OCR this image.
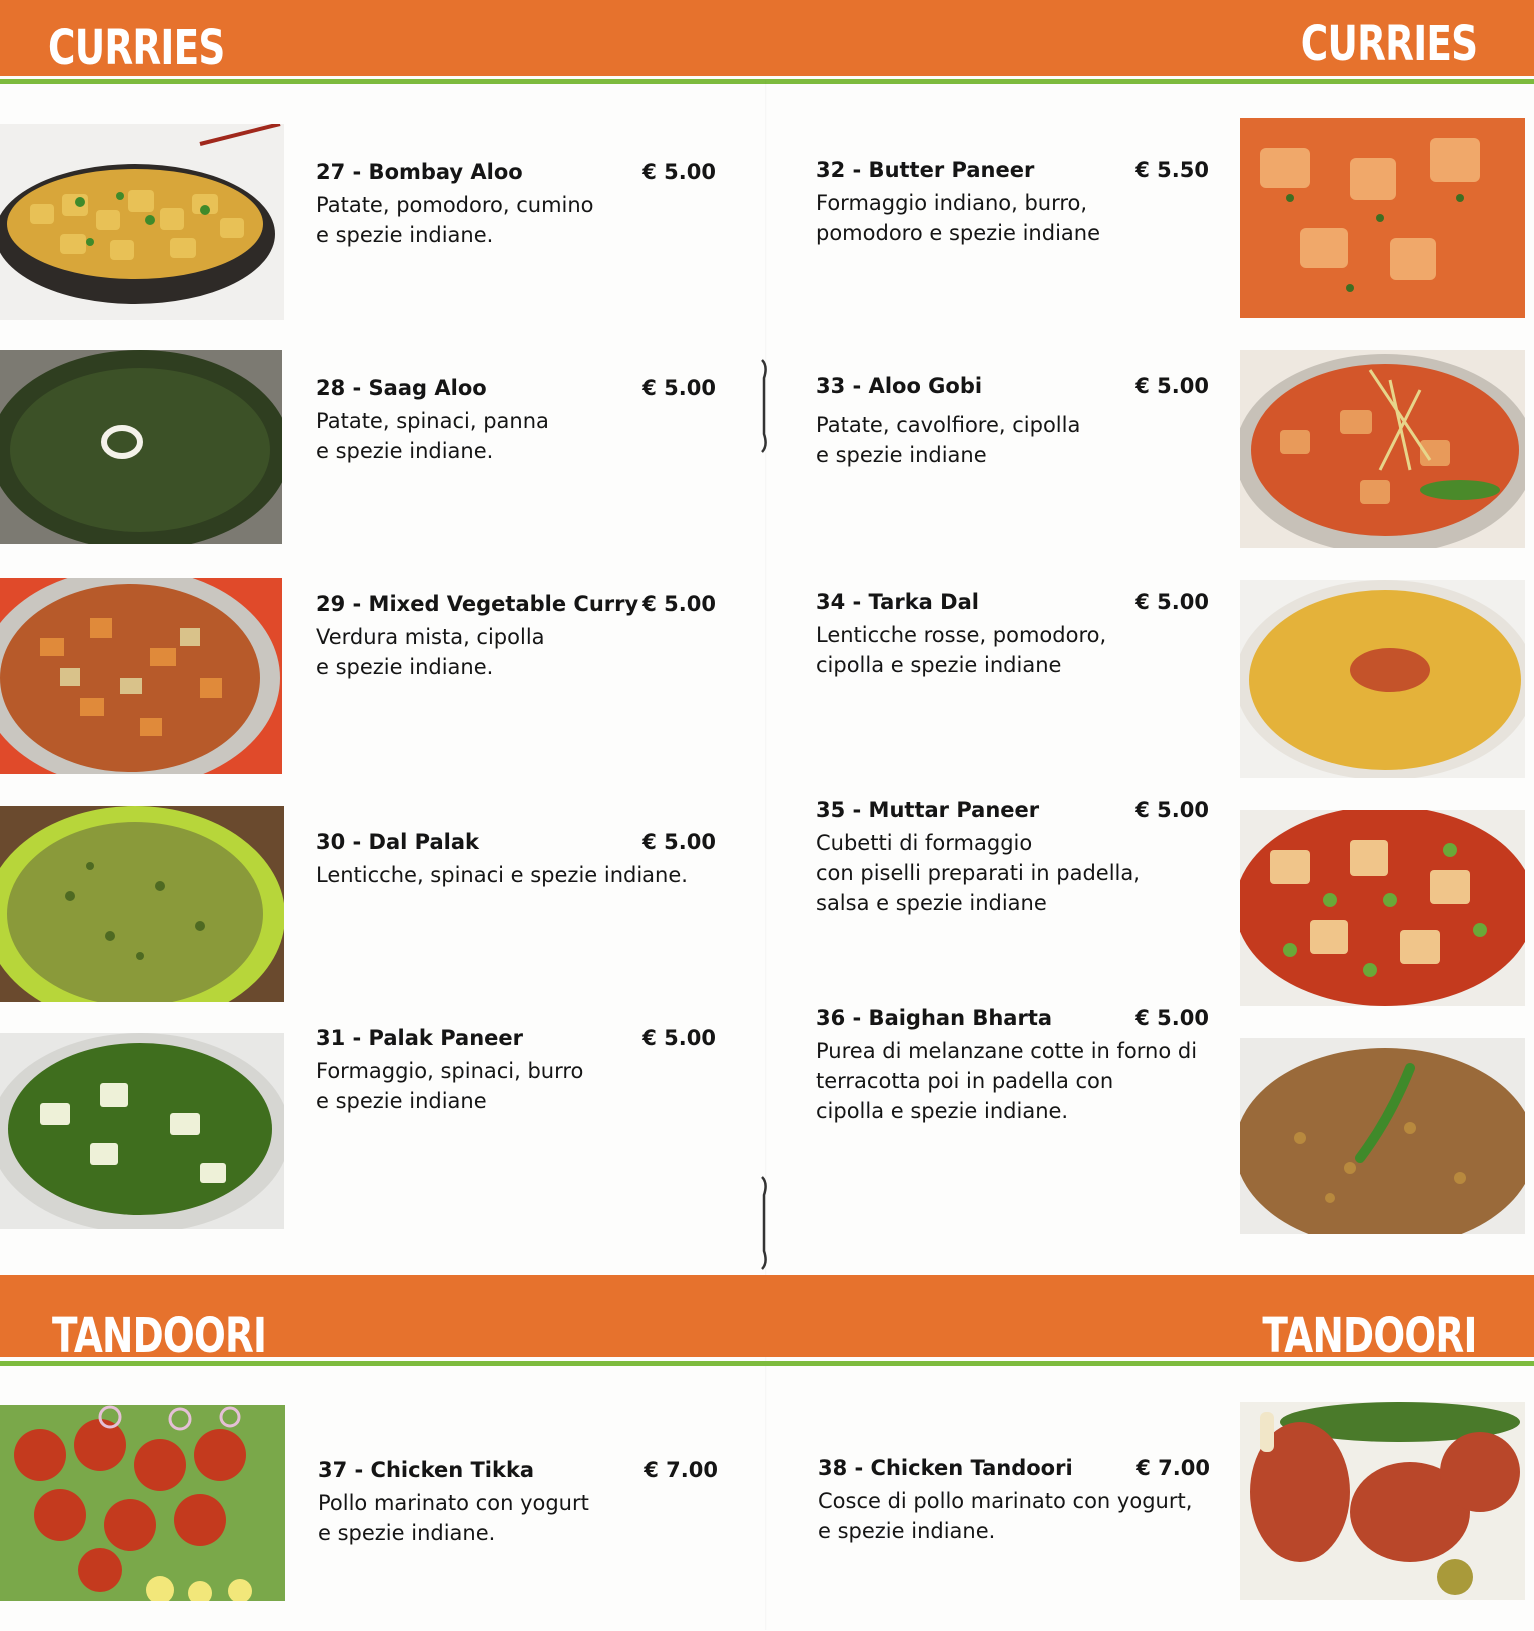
CURRIES	CURRIES
TANDOORI	TANDOORI
27 - Bombay Aloo	€ 5.00
Patate, pomodoro, cumino
e spezie indiane.
28 - Saag Aloo	€ 5.00
Patate, spinaci, panna
e spezie indiane.
29 - Mixed Vegetable Curry € 5.00
Verdura mista, cipolla
e spezie indiane.
30 - Dal Palak	€ 5.00
Lenticche, spinaci e spezie indiane.
31 - Palak Paneer	€ 5.00
Formaggio, spinaci, burro
e spezie indiane
32 - Butter Paneer	€ 5.50
Formaggio indiano, burro,
pomodoro e spezie indiane
33 - Aloo Gobi	€ 5.00
Patate, cavolfiore, cipolla
e spezie indiane
34 - Tarka Dal	€ 5.00
Lenticche rosse, pomodoro,
cipolla e spezie indiane
35 - Muttar Paneer	€ 5.00
Cubetti di formaggio
con piselli preparati in padella,
salsa e spezie indiane
36 - Baighan Bharta	€ 5.00
Purea di melanzane cotte in forno di
terracotta poi in padella con
cipolla e spezie indiane.
37 - Chicken Tikka	€ 7.00
Pollo marinato con yogurt
e spezie indiane.
38 - Chicken Tandoori	€ 7.00
Cosce di pollo marinato con yogurt,
e spezie indiane.
